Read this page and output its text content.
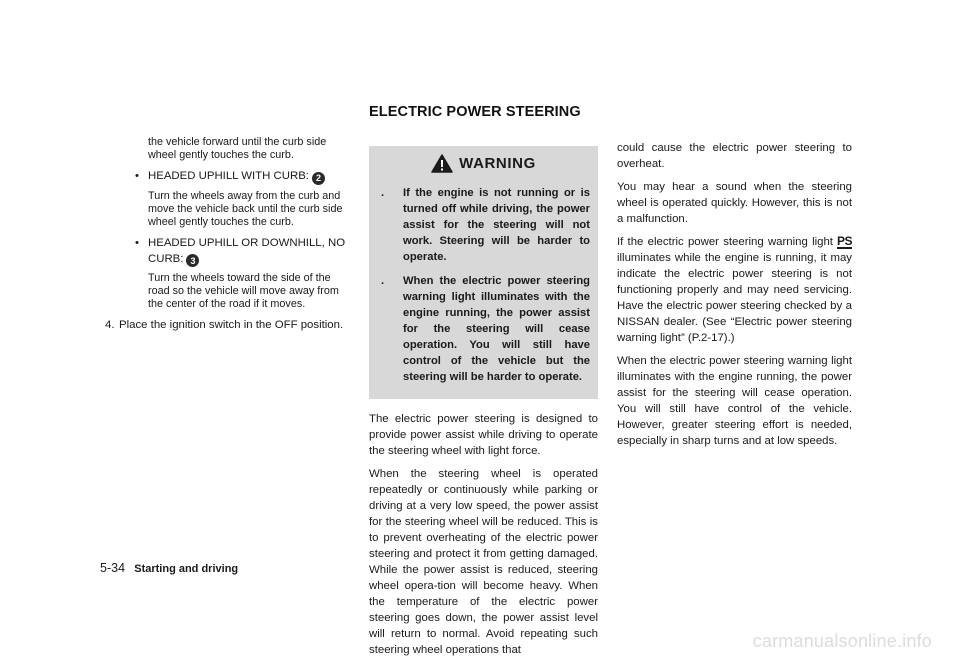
ELECTRIC POWER STEERING

the vehicle forward until the curb side wheel gently touches the curb.

• HEADED UPHILL WITH CURB: 2

Turn the wheels away from the curb and move the vehicle back until the curb side wheel gently touches the curb.

• HEADED UPHILL OR DOWNHILL, NO CURB: 3

Turn the wheels toward the side of the road so the vehicle will move away from the center of the road if it moves.

4. Place the ignition switch in the OFF position.
WARNING
.	If the engine is not running or is turned off while driving, the power assist for the steering will not work. Steering will be harder to operate.
.	When the electric power steering warning light illuminates with the engine running, the power assist for the steering will cease operation. You will still have control of the vehicle but the steering will be harder to operate.

The electric power steering is designed to provide power assist while driving to operate the steering wheel with light force.

When the steering wheel is operated repeatedly or continuously while parking or driving at a very low speed, the power assist for the steering wheel will be reduced. This is to prevent overheating of the electric power steering and protect it from getting damaged. While the power assist is reduced, steering wheel opera-tion will become heavy. When the temperature of the electric power steering goes down, the power assist level will return to normal. Avoid repeating such steering wheel operations that

could cause the electric power steering to overheat.

You may hear a sound when the steering wheel is operated quickly. However, this is not a malfunction.

If the electric power steering warning light PS illuminates while the engine is running, it may indicate the electric power steering is not functioning properly and may need servicing. Have the electric power steering checked by a NISSAN dealer. (See “Electric power steering warning light” (P.2-17).)

When the electric power steering warning light illuminates with the engine running, the power assist for the steering will cease operation. You will still have control of the vehicle. However, greater steering effort is needed, especially in sharp turns and at low speeds.

5-34 Starting and driving
carmanualsonline.info
